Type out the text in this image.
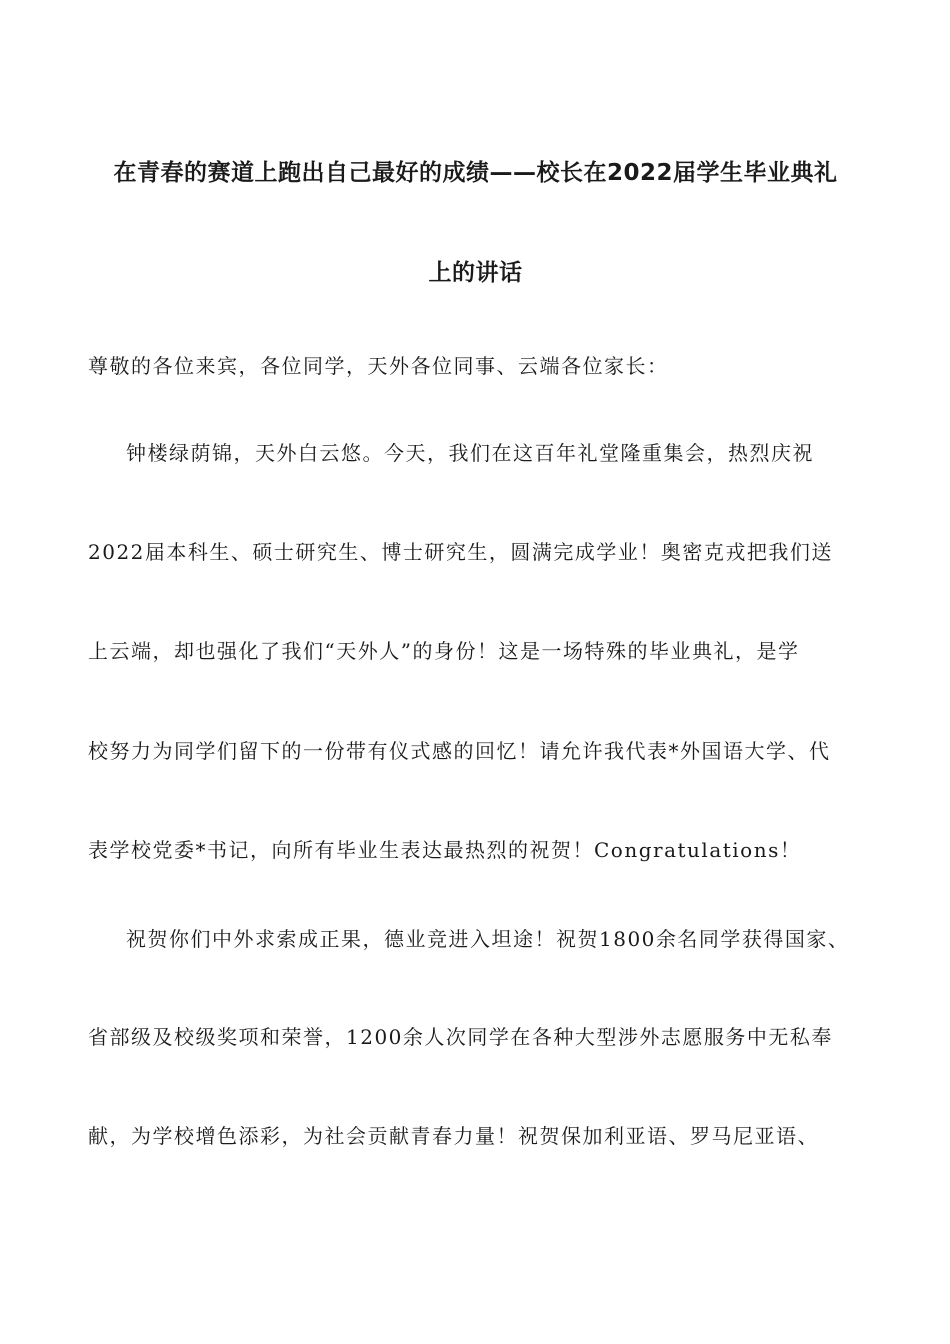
在青春的赛道上跑出自己最好的成绩——校长在2022届学生毕业典礼
上的讲话
尊敬的各位来宾，各位同学，天外各位同事、云端各位家长：
钟楼绿荫锦，天外白云悠。今天，我们在这百年礼堂隆重集会，热烈庆祝
2022届本科生、硕士研究生、博士研究生，圆满完成学业！奥密克戎把我们送
上云端，却也强化了我们“天外人”的身份！这是一场特殊的毕业典礼，是学
校努力为同学们留下的一份带有仪式感的回忆！请允许我代表*外国语大学、代
表学校党委*书记，向所有毕业生表达最热烈的祝贺！Congratulations！
祝贺你们中外求索成正果，德业竞进入坦途！祝贺1800余名同学获得国家、
省部级及校级奖项和荣誉，1200余人次同学在各种大型涉外志愿服务中无私奉
献，为学校增色添彩，为社会贡献青春力量！祝贺保加利亚语、罗马尼亚语、
